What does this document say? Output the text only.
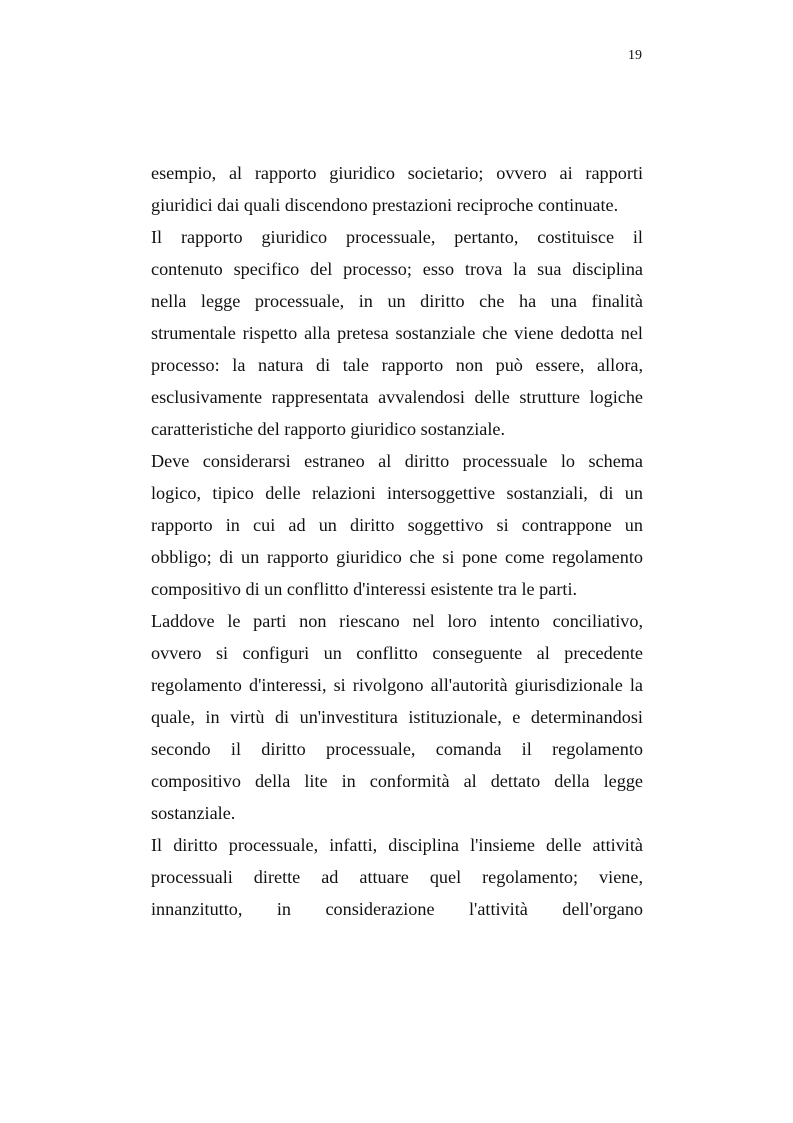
19
esempio, al rapporto giuridico societario; ovvero ai rapporti
giuridici dai quali discendono prestazioni reciproche continuate.
Il rapporto giuridico processuale, pertanto, costituisce il
contenuto specifico del processo; esso trova la sua disciplina
nella legge processuale, in un diritto che ha una finalità
strumentale rispetto alla pretesa sostanziale che viene dedotta nel
processo: la natura di tale rapporto non può essere, allora,
esclusivamente rappresentata avvalendosi delle strutture logiche
caratteristiche del rapporto giuridico sostanziale.
Deve considerarsi estraneo al diritto processuale lo schema
logico, tipico delle relazioni intersoggettive sostanziali, di un
rapporto in cui ad un diritto soggettivo si contrappone un
obbligo; di un rapporto giuridico che si pone come regolamento
compositivo di un conflitto d'interessi esistente tra le parti.
Laddove le parti non riescano nel loro intento conciliativo,
ovvero si configuri un conflitto conseguente al precedente
regolamento d'interessi, si rivolgono all'autorità giurisdizionale la
quale, in virtù di un'investitura istituzionale, e determinandosi
secondo il diritto processuale, comanda il regolamento
compositivo della lite in conformità al dettato della legge
sostanziale.
Il diritto processuale, infatti, disciplina l'insieme delle attività
processuali dirette ad attuare quel regolamento; viene,
innanzitutto, in considerazione l'attività dell'organo
